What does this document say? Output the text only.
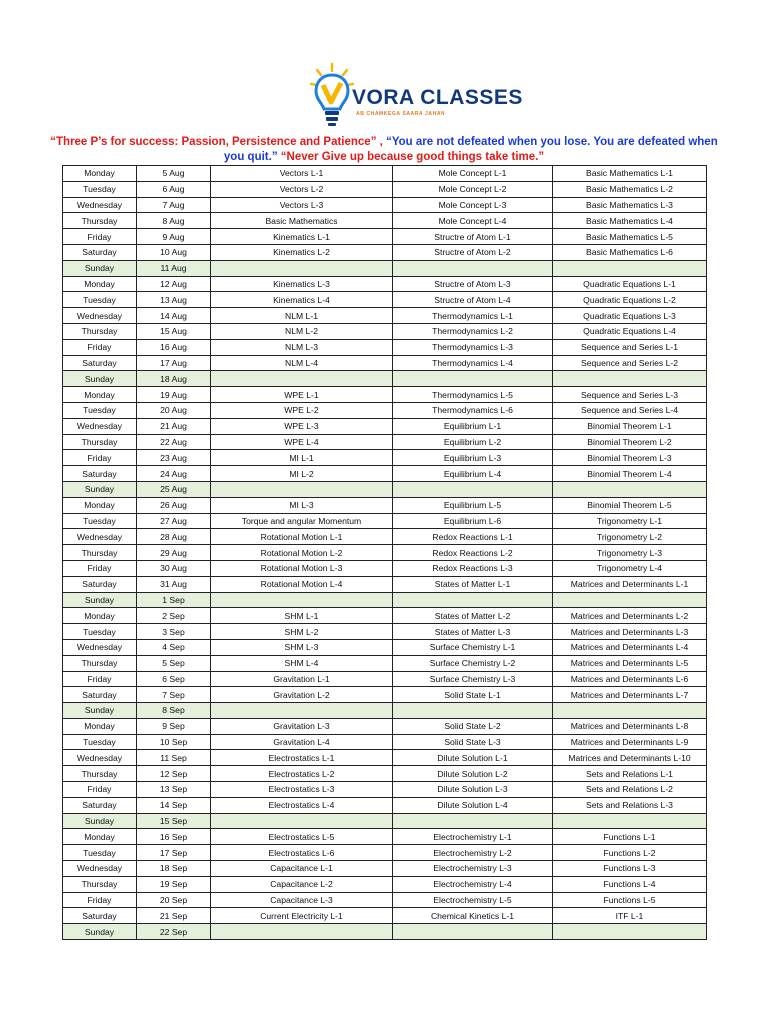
VORA CLASSES
AB CHAMKEGA SAARA JAHAN
“Three P’s for success: Passion, Persistence and Patience” , “You are not defeated when you lose. You are defeated when you quit.” “Never Give up because good things take time.”
Monday	5 Aug	Vectors L-1	Mole Concept L-1	Basic Mathematics L-1
Tuesday	6 Aug	Vectors L-2	Mole Concept L-2	Basic Mathematics L-2
Wednesday	7 Aug	Vectors L-3	Mole Concept L-3	Basic Mathematics L-3
Thursday	8 Aug	Basic Mathematics	Mole Concept L-4	Basic Mathematics L-4
Friday	9 Aug	Kinematics L-1	Structre of Atom L-1	Basic Mathematics L-5
Saturday	10 Aug	Kinematics L-2	Structre of Atom L-2	Basic Mathematics L-6
Sunday	11 Aug			
Monday	12 Aug	Kinematics L-3	Structre of Atom L-3	Quadratic Equations L-1
Tuesday	13 Aug	Kinematics L-4	Structre of Atom L-4	Quadratic Equations L-2
Wednesday	14 Aug	NLM L-1	Thermodynamics L-1	Quadratic Equations L-3
Thursday	15 Aug	NLM L-2	Thermodynamics L-2	Quadratic Equations L-4
Friday	16 Aug	NLM L-3	Thermodynamics L-3	Sequence and Series L-1
Saturday	17 Aug	NLM L-4	Thermodynamics L-4	Sequence and Series L-2
Sunday	18 Aug			
Monday	19 Aug	WPE L-1	Thermodynamics L-5	Sequence and Series L-3
Tuesday	20 Aug	WPE L-2	Thermodynamics L-6	Sequence and Series L-4
Wednesday	21 Aug	WPE L-3	Equilibrium L-1	Binomial Theorem L-1
Thursday	22 Aug	WPE L-4	Equilibrium L-2	Binomial Theorem L-2
Friday	23 Aug	MI L-1	Equilibrium L-3	Binomial Theorem L-3
Saturday	24 Aug	MI L-2	Equilibrium L-4	Binomial Theorem L-4
Sunday	25 Aug			
Monday	26 Aug	MI L-3	Equilibrium L-5	Binomial Theorem L-5
Tuesday	27 Aug	Torque and angular Momentum	Equilibrium L-6	Trigonometry L-1
Wednesday	28 Aug	Rotational Motion L-1	Redox Reactions L-1	Trigonometry L-2
Thursday	29 Aug	Rotational Motion L-2	Redox Reactions L-2	Trigonometry L-3
Friday	30 Aug	Rotational Motion L-3	Redox Reactions L-3	Trigonometry L-4
Saturday	31 Aug	Rotational Motion L-4	States of Matter L-1	Matrices and Determinants L-1
Sunday	1 Sep			
Monday	2 Sep	SHM L-1	States of Matter L-2	Matrices and Determinants L-2
Tuesday	3 Sep	SHM L-2	States of Matter L-3	Matrices and Determinants L-3
Wednesday	4 Sep	SHM L-3	Surface Chemistry L-1	Matrices and Determinants L-4
Thursday	5 Sep	SHM L-4	Surface Chemistry L-2	Matrices and Determinants L-5
Friday	6 Sep	Gravitation L-1	Surface Chemistry L-3	Matrices and Determinants L-6
Saturday	7 Sep	Gravitation L-2	Solid State L-1	Matrices and Determinants L-7
Sunday	8 Sep			
Monday	9 Sep	Gravitation L-3	Solid State L-2	Matrices and Determinants L-8
Tuesday	10 Sep	Gravitation L-4	Solid State L-3	Matrices and Determinants L-9
Wednesday	11 Sep	Electrostatics L-1	Dilute Solution L-1	Matrices and Determinants L-10
Thursday	12 Sep	Electrostatics L-2	Dilute Solution L-2	Sets and Relations L-1
Friday	13 Sep	Electrostatics L-3	Dilute Solution L-3	Sets and Relations L-2
Saturday	14 Sep	Electrostatics L-4	Dilute Solution L-4	Sets and Relations L-3
Sunday	15 Sep			
Monday	16 Sep	Electrostatics L-5	Electrochemistry L-1	Functions L-1
Tuesday	17 Sep	Electrostatics L-6	Electrochemistry L-2	Functions L-2
Wednesday	18 Sep	Capacitance L-1	Electrochemistry L-3	Functions L-3
Thursday	19 Sep	Capacitance L-2	Electrochemistry L-4	Functions L-4
Friday	20 Sep	Capacitance L-3	Electrochemistry L-5	Functions L-5
Saturday	21 Sep	Current Electricity L-1	Chemical Kinetics L-1	ITF L-1
Sunday	22 Sep			
